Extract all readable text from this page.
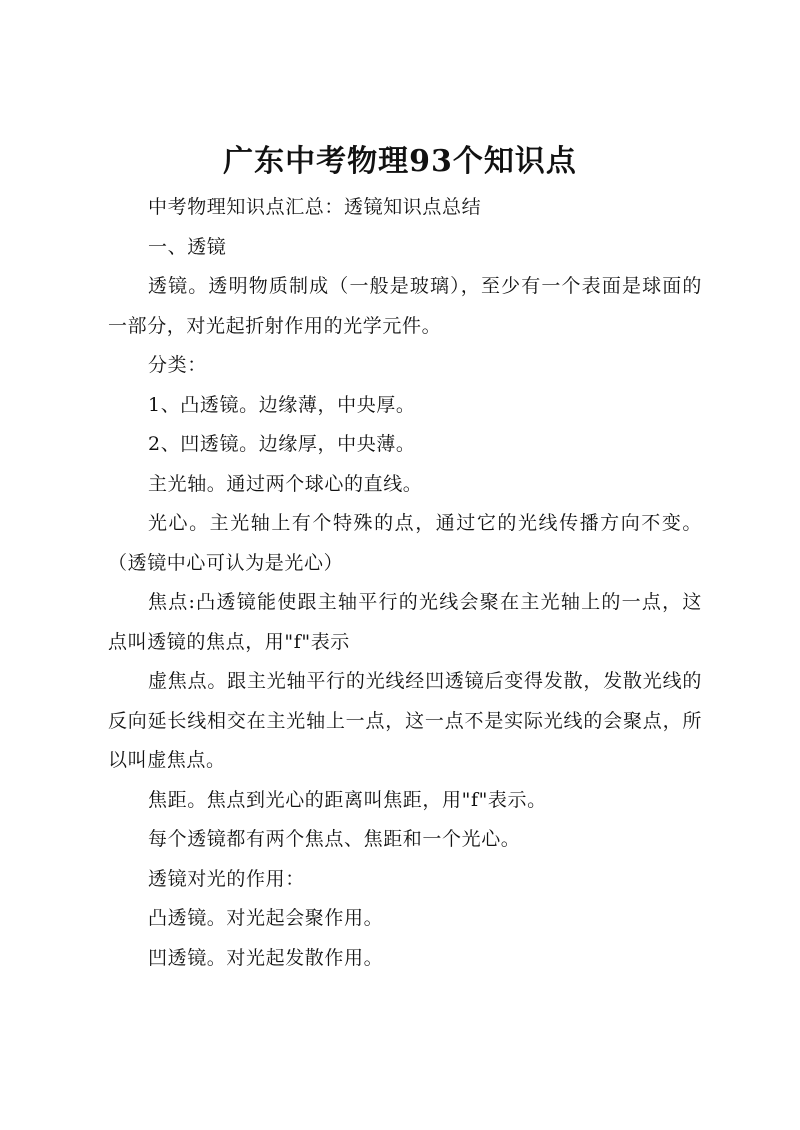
广东中考物理93个知识点

中考物理知识点汇总：透镜知识点总结

一、透镜

透镜。透明物质制成（一般是玻璃），至少有一个表面是球面的一部分，对光起折射作用的光学元件。

分类：

1、凸透镜。边缘薄，中央厚。

2、凹透镜。边缘厚，中央薄。

主光轴。通过两个球心的直线。

光心。主光轴上有个特殊的点，通过它的光线传播方向不变。（透镜中心可认为是光心）

焦点:凸透镜能使跟主轴平行的光线会聚在主光轴上的一点，这点叫透镜的焦点，用"f"表示

虚焦点。跟主光轴平行的光线经凹透镜后变得发散，发散光线的反向延长线相交在主光轴上一点，这一点不是实际光线的会聚点，所以叫虚焦点。

焦距。焦点到光心的距离叫焦距，用"f"表示。

每个透镜都有两个焦点、焦距和一个光心。

透镜对光的作用：

凸透镜。对光起会聚作用。

凹透镜。对光起发散作用。
